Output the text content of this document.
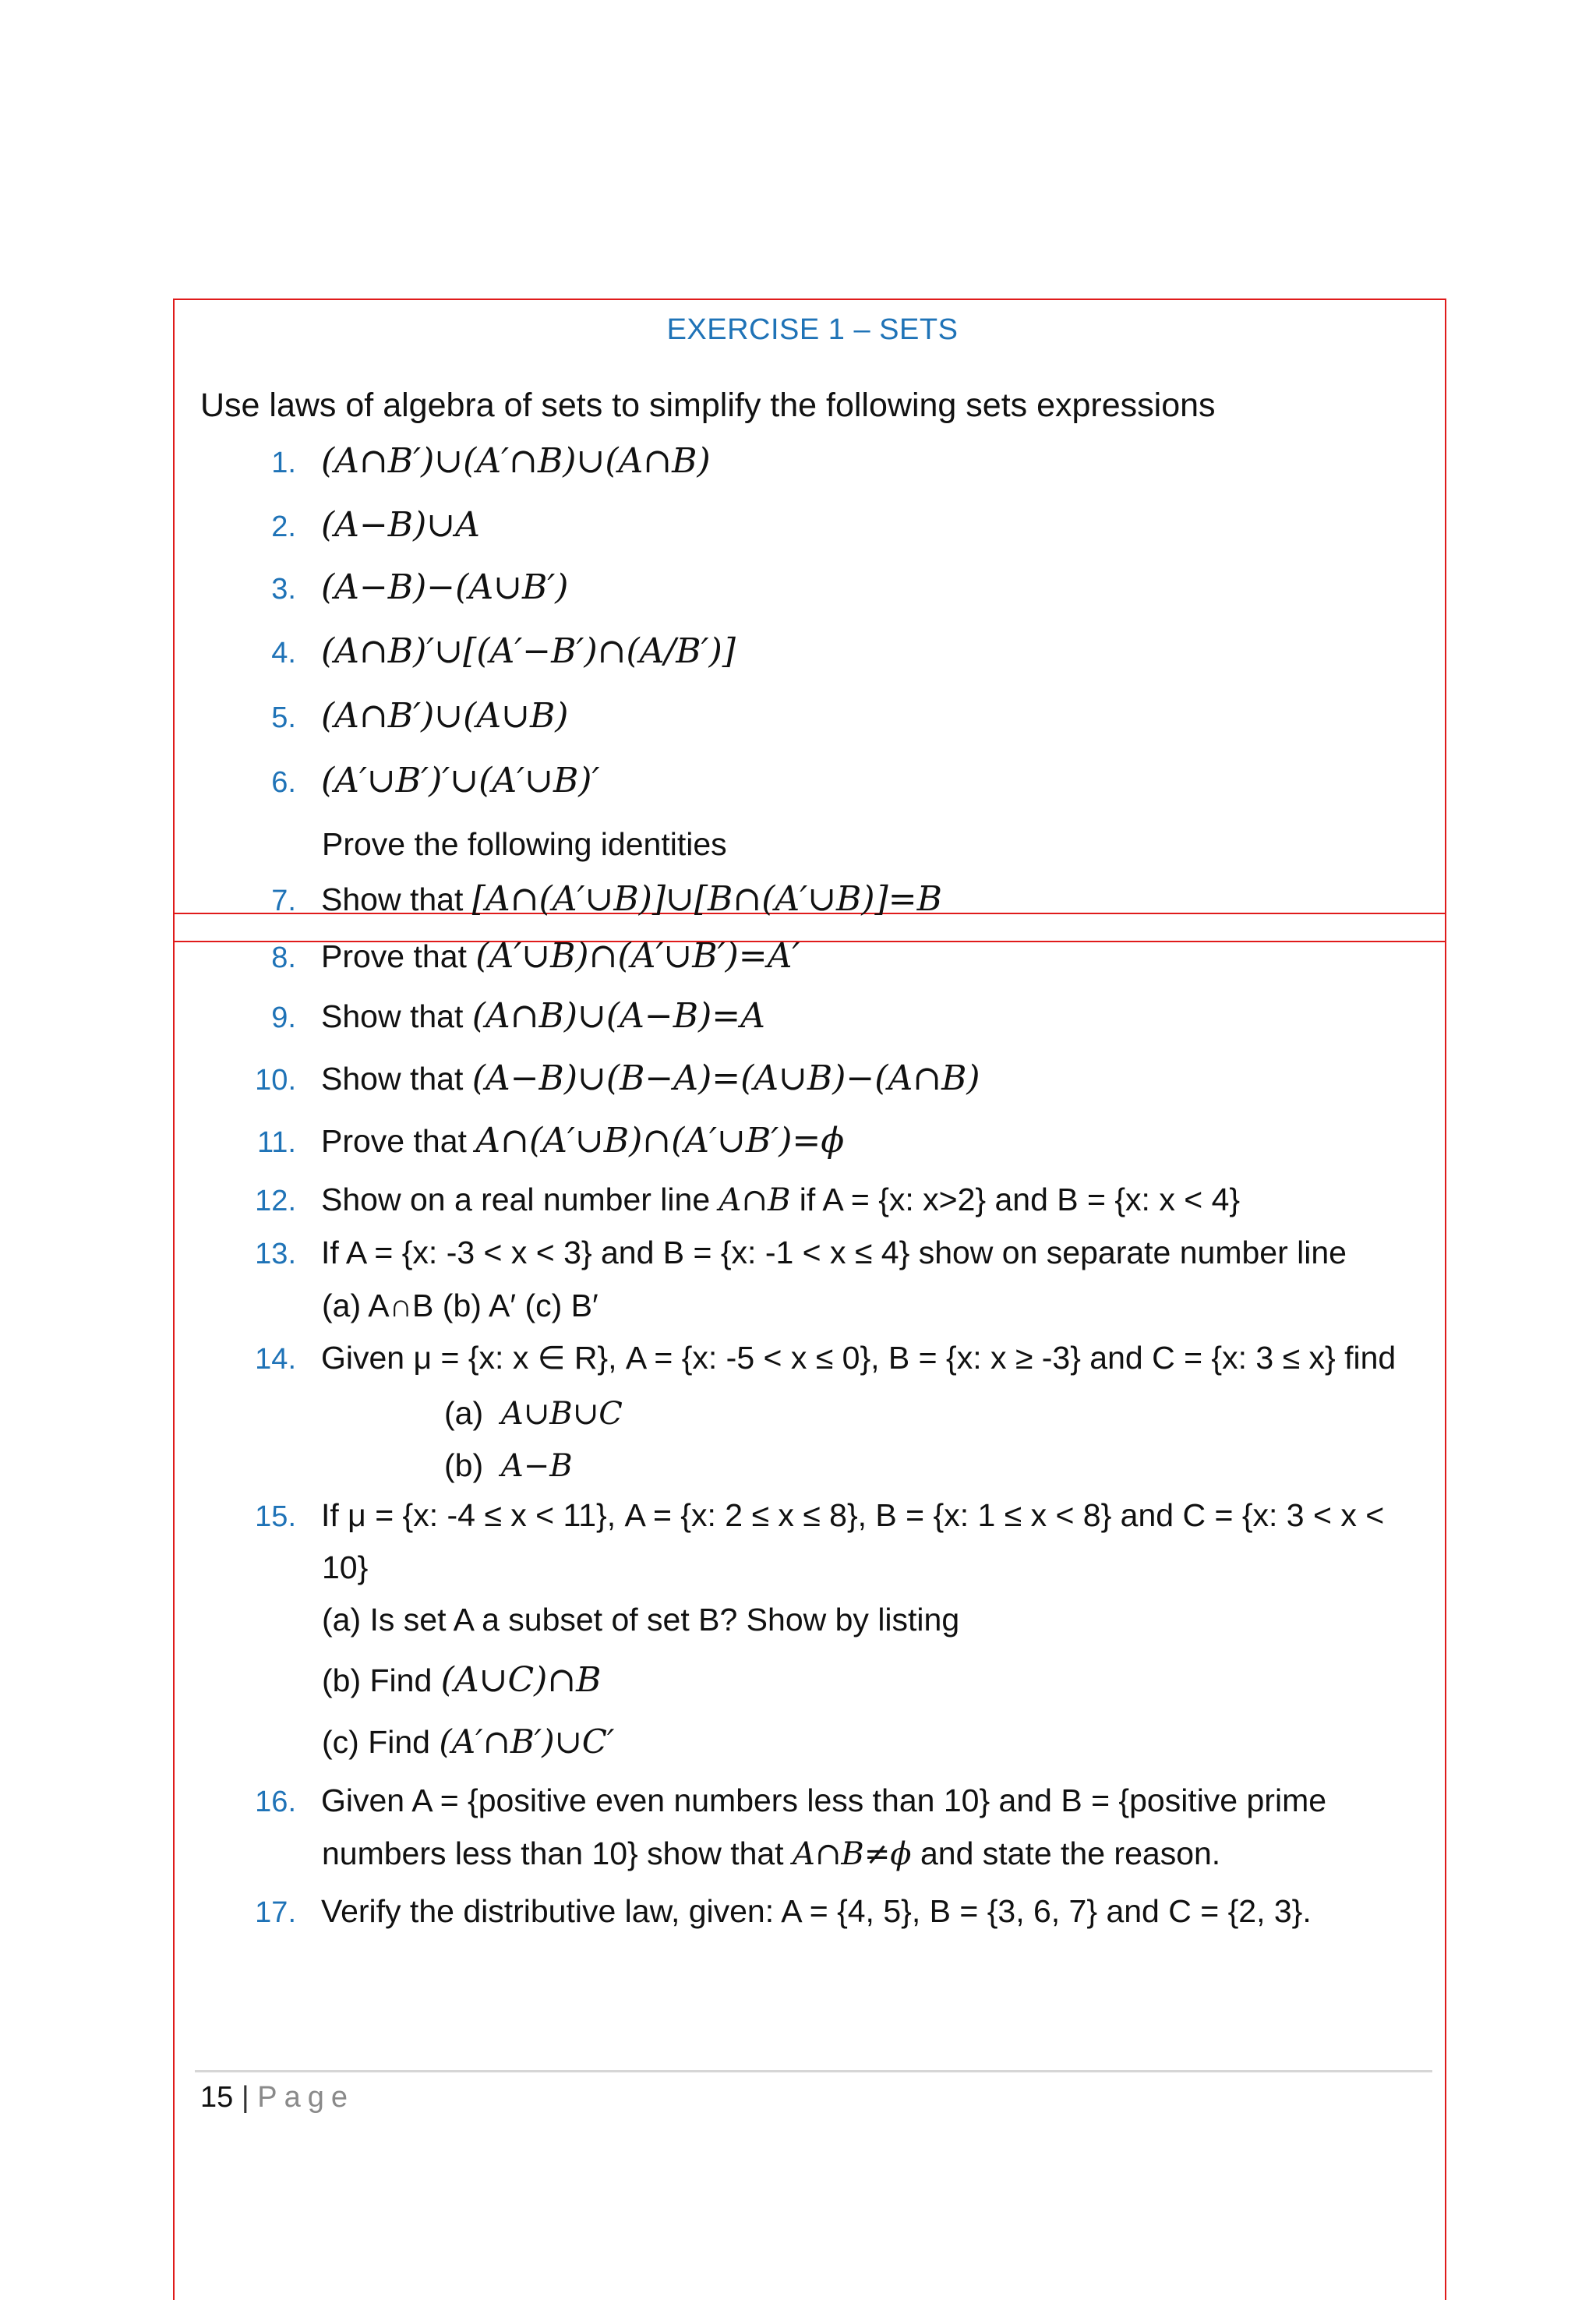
EXERCISE 1 – SETS
Use laws of algebra of sets to simplify the following sets expressions
1. (A∩B′)∪(A′∩B)∪(A∩B)
2. (A−B)∪A
3. (A−B)−(A∪B′)
4. (A∩B)′∪[(A′−B′)∩(A/B′)]
5. (A∩B′)∪(A∪B)
6. (A′∪B′)′∪(A′∪B)′
Prove the following identities
7. Show that [A∩(A′∪B)]∪[B∩(A′∪B)]=B
8. Prove that (A′∪B)∩(A′∪B′)=A′
9. Show that (A∩B)∪(A−B)=A
10. Show that (A−B)∪(B−A)=(A∪B)−(A∩B)
11. Prove that A∩(A′∪B)∩(A′∪B′)=ϕ
12. Show on a real number line A∩B if A = {x: x>2} and B = {x: x < 4}
13. If A = {x: -3 < x < 3} and B = {x: -1 < x ≤ 4} show on separate number line
(a) A∩B (b) A′ (c) B′
14. Given μ = {x: x ∈ R}, A = {x: -5 < x ≤ 0}, B = {x: x ≥ -3} and C = {x: 3 ≤ x} find
(a) A∪B∪C
(b) A−B
15. If μ = {x: -4 ≤ x < 11}, A = {x: 2 ≤ x ≤ 8}, B = {x: 1 ≤ x < 8} and C = {x: 3 < x <
10}
(a) Is set A a subset of set B? Show by listing
(b) Find (A∪C)∩B
(c) Find (A′∩B′)∪C′
16. Given A = {positive even numbers less than 10} and B = {positive prime
numbers less than 10} show that A∩B≠ϕ and state the reason.
17. Verify the distributive law, given: A = {4, 5}, B = {3, 6, 7} and C = {2, 3}.
15 | Page
